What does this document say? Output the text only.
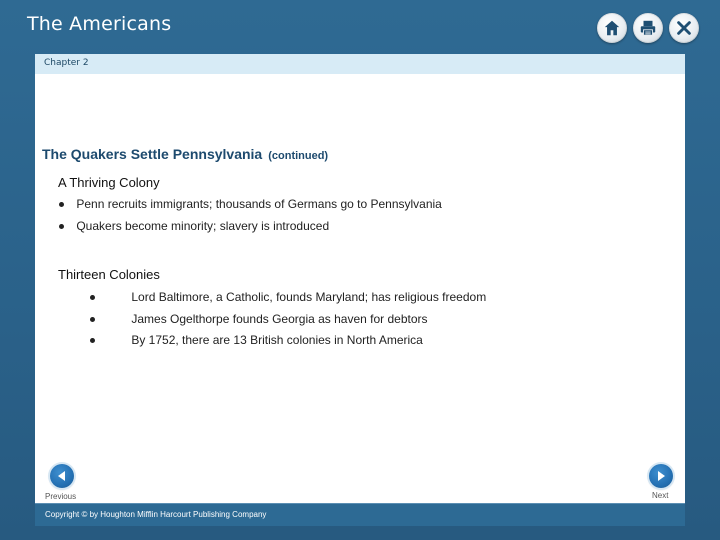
The Americans
Chapter 2
The Quakers Settle Pennsylvania (continued)
A Thriving Colony
Penn recruits immigrants; thousands of Germans go to Pennsylvania
Quakers become minority; slavery is introduced
Thirteen Colonies
Lord Baltimore, a Catholic, founds Maryland; has religious freedom
James Ogelthorpe founds Georgia as haven for debtors
By 1752, there are 13 British colonies in North America
Previous	Next
Copyright © by Houghton Mifflin Harcourt Publishing Company
